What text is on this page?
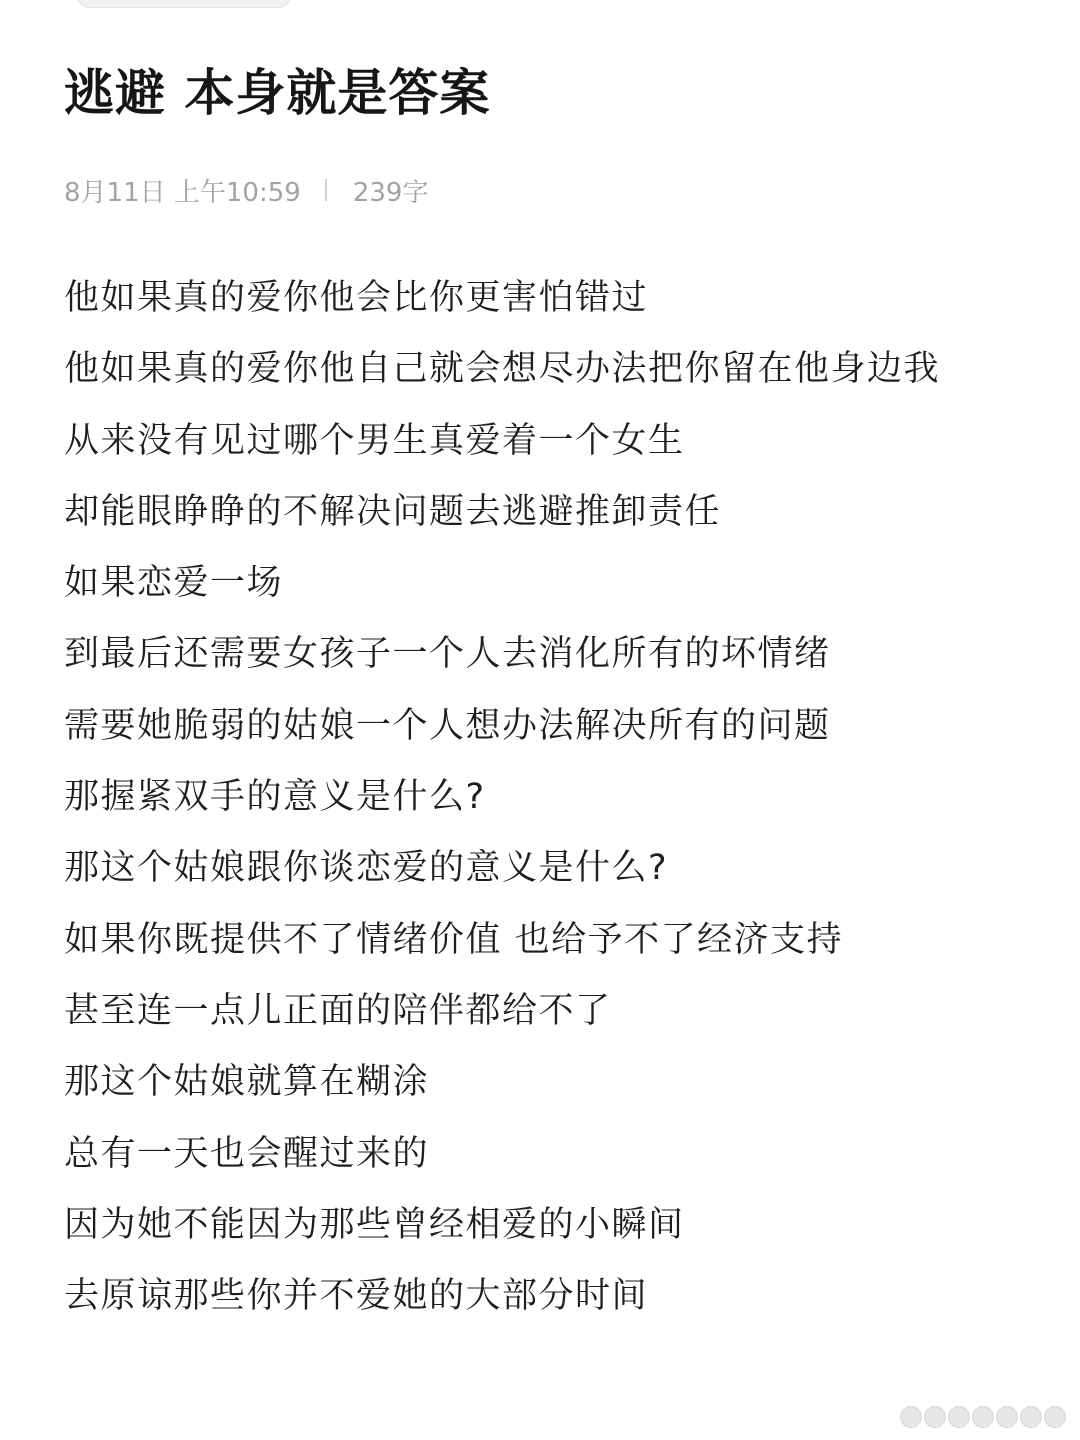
逃避 本身就是答案
8月11日 上午10:59 239字
他如果真的爱你他会比你更害怕错过
他如果真的爱你他自己就会想尽办法把你留在他身边我
从来没有见过哪个男生真爱着一个女生
却能眼睁睁的不解决问题去逃避推卸责任
如果恋爱一场
到最后还需要女孩子一个人去消化所有的坏情绪
需要她脆弱的姑娘一个人想办法解决所有的问题
那握紧双手的意义是什么?
那这个姑娘跟你谈恋爱的意义是什么?
如果你既提供不了情绪价值 也给予不了经济支持
甚至连一点儿正面的陪伴都给不了
那这个姑娘就算在糊涂
总有一天也会醒过来的
因为她不能因为那些曾经相爱的小瞬间
去原谅那些你并不爱她的大部分时间
